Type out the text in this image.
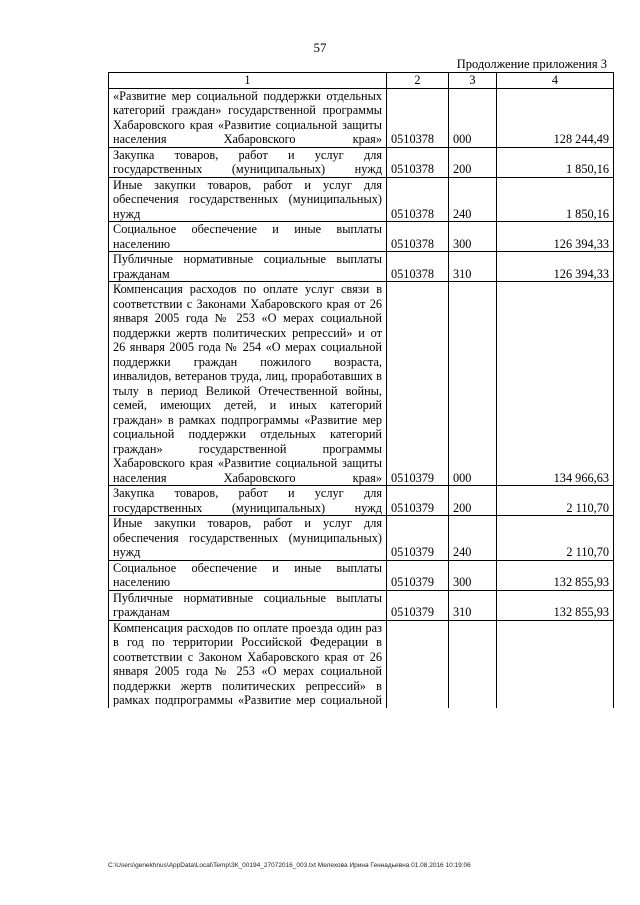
57
Продолжение приложения 3
1	2	3	4
«Развитие мер социальной поддержки отдельных категорий граждан» государственной программы Хабаровского края «Развитие социальной защиты населения Хабаровского края»	0510378	000	128 244,49
Закупка товаров, работ и услуг для государственных (муниципальных) нужд	0510378	200	1 850,16
Иные закупки товаров, работ и услуг для обеспечения государственных (муниципальных) нужд	0510378	240	1 850,16
Социальное обеспечение и иные выплаты населению	0510378	300	126 394,33
Публичные нормативные социальные выплаты гражданам	0510378	310	126 394,33
Компенсация расходов по оплате услуг связи в соответствии с Законами Хабаровского края от 26 января 2005 года № 253 «О мерах социальной поддержки жертв политических репрессий» и от 26 января 2005 года № 254 «О мерах социальной поддержки граждан пожилого возраста, инвалидов, ветеранов труда, лиц, проработавших в тылу в период Великой Отечественной войны, семей, имеющих детей, и иных категорий граждан» в рамках подпрограммы «Развитие мер социальной поддержки отдельных категорий граждан» государственной программы Хабаровского края «Развитие социальной защиты населения Хабаровского края»	0510379	000	134 966,63
Закупка товаров, работ и услуг для государственных (муниципальных) нужд	0510379	200	2 110,70
Иные закупки товаров, работ и услуг для обеспечения государственных (муниципальных) нужд	0510379	240	2 110,70
Социальное обеспечение и иные выплаты населению	0510379	300	132 855,93
Публичные нормативные социальные выплаты гражданам	0510379	310	132 855,93
Компенсация расходов по оплате проезда один раз в год по территории Российской Федерации в соответствии с Законом Хабаровского края от 26 января 2005 года № 253 «О мерах социальной поддержки жертв политических репрессий» в рамках подпрограммы «Развитие мер социальной			
C:\Users\genekhnus\AppData\Local\Temp\ЗК_00194_27072016_003.txt Мелехова Ирина Геннадьевна 01.08.2016 10:19:06
